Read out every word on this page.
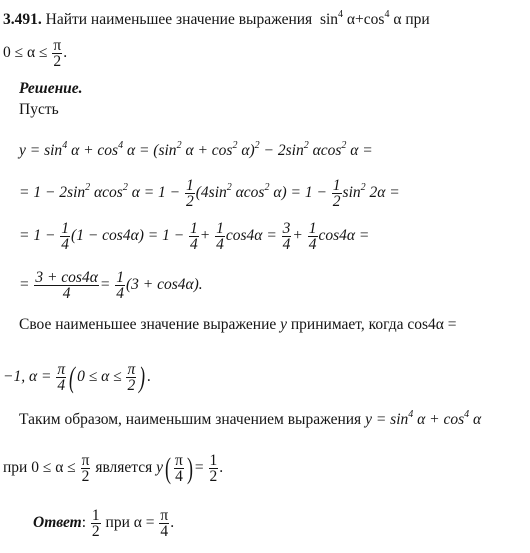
3.491. Найти наименьшее значение выражения $\sin^4 \alpha+\cos^4$ α при
$0 \le \alpha \le \frac{\pi}{2}$ .
Решение.
Пусть
$y = \sin^4 \alpha + \cos^4 \alpha = (\sin^2$ $\alpha + \cos^2 \alpha)^2 - 2\sin^2$ αcos$^2$ α =
= $1 - 2\sin^2$ αcos$^2$ $\alpha = 1 - \frac{1}{2} (4\sin^2$ αcos$^2$ $\alpha) = 1 - \frac{1}{2} \sin^2 2\alpha$ =
= $1 - \frac{1}{4} (1 - \cos 4\alpha) = 1 - \frac{1}{4} + \frac{1}{4} \cos 4\alpha = \frac{3}{4} + \frac{1}{4} \cos 4\alpha$ =
= $\frac{3 + \cos 4\alpha}{4} = \frac{1}{4} (3 + \cos 4\alpha)$.
Свое наименьшее значение выражение y принимает, когда cos4α =
−1, $\alpha = \frac{\pi}{4}$ ( $0 \le \alpha \le \frac{\pi}{2}$ ) .
Таким образом, наименьшим значением выражения $y = \sin^4 \alpha + \cos^4 \alpha$
при $0 \le \alpha \le \frac{\pi}{2}$ является $y( \frac{\pi}{4}$ ) = $\frac{1}{2}$ .
Ответ: $\frac{1}{2}$ при $\alpha = \frac{\pi}{4}$ .
